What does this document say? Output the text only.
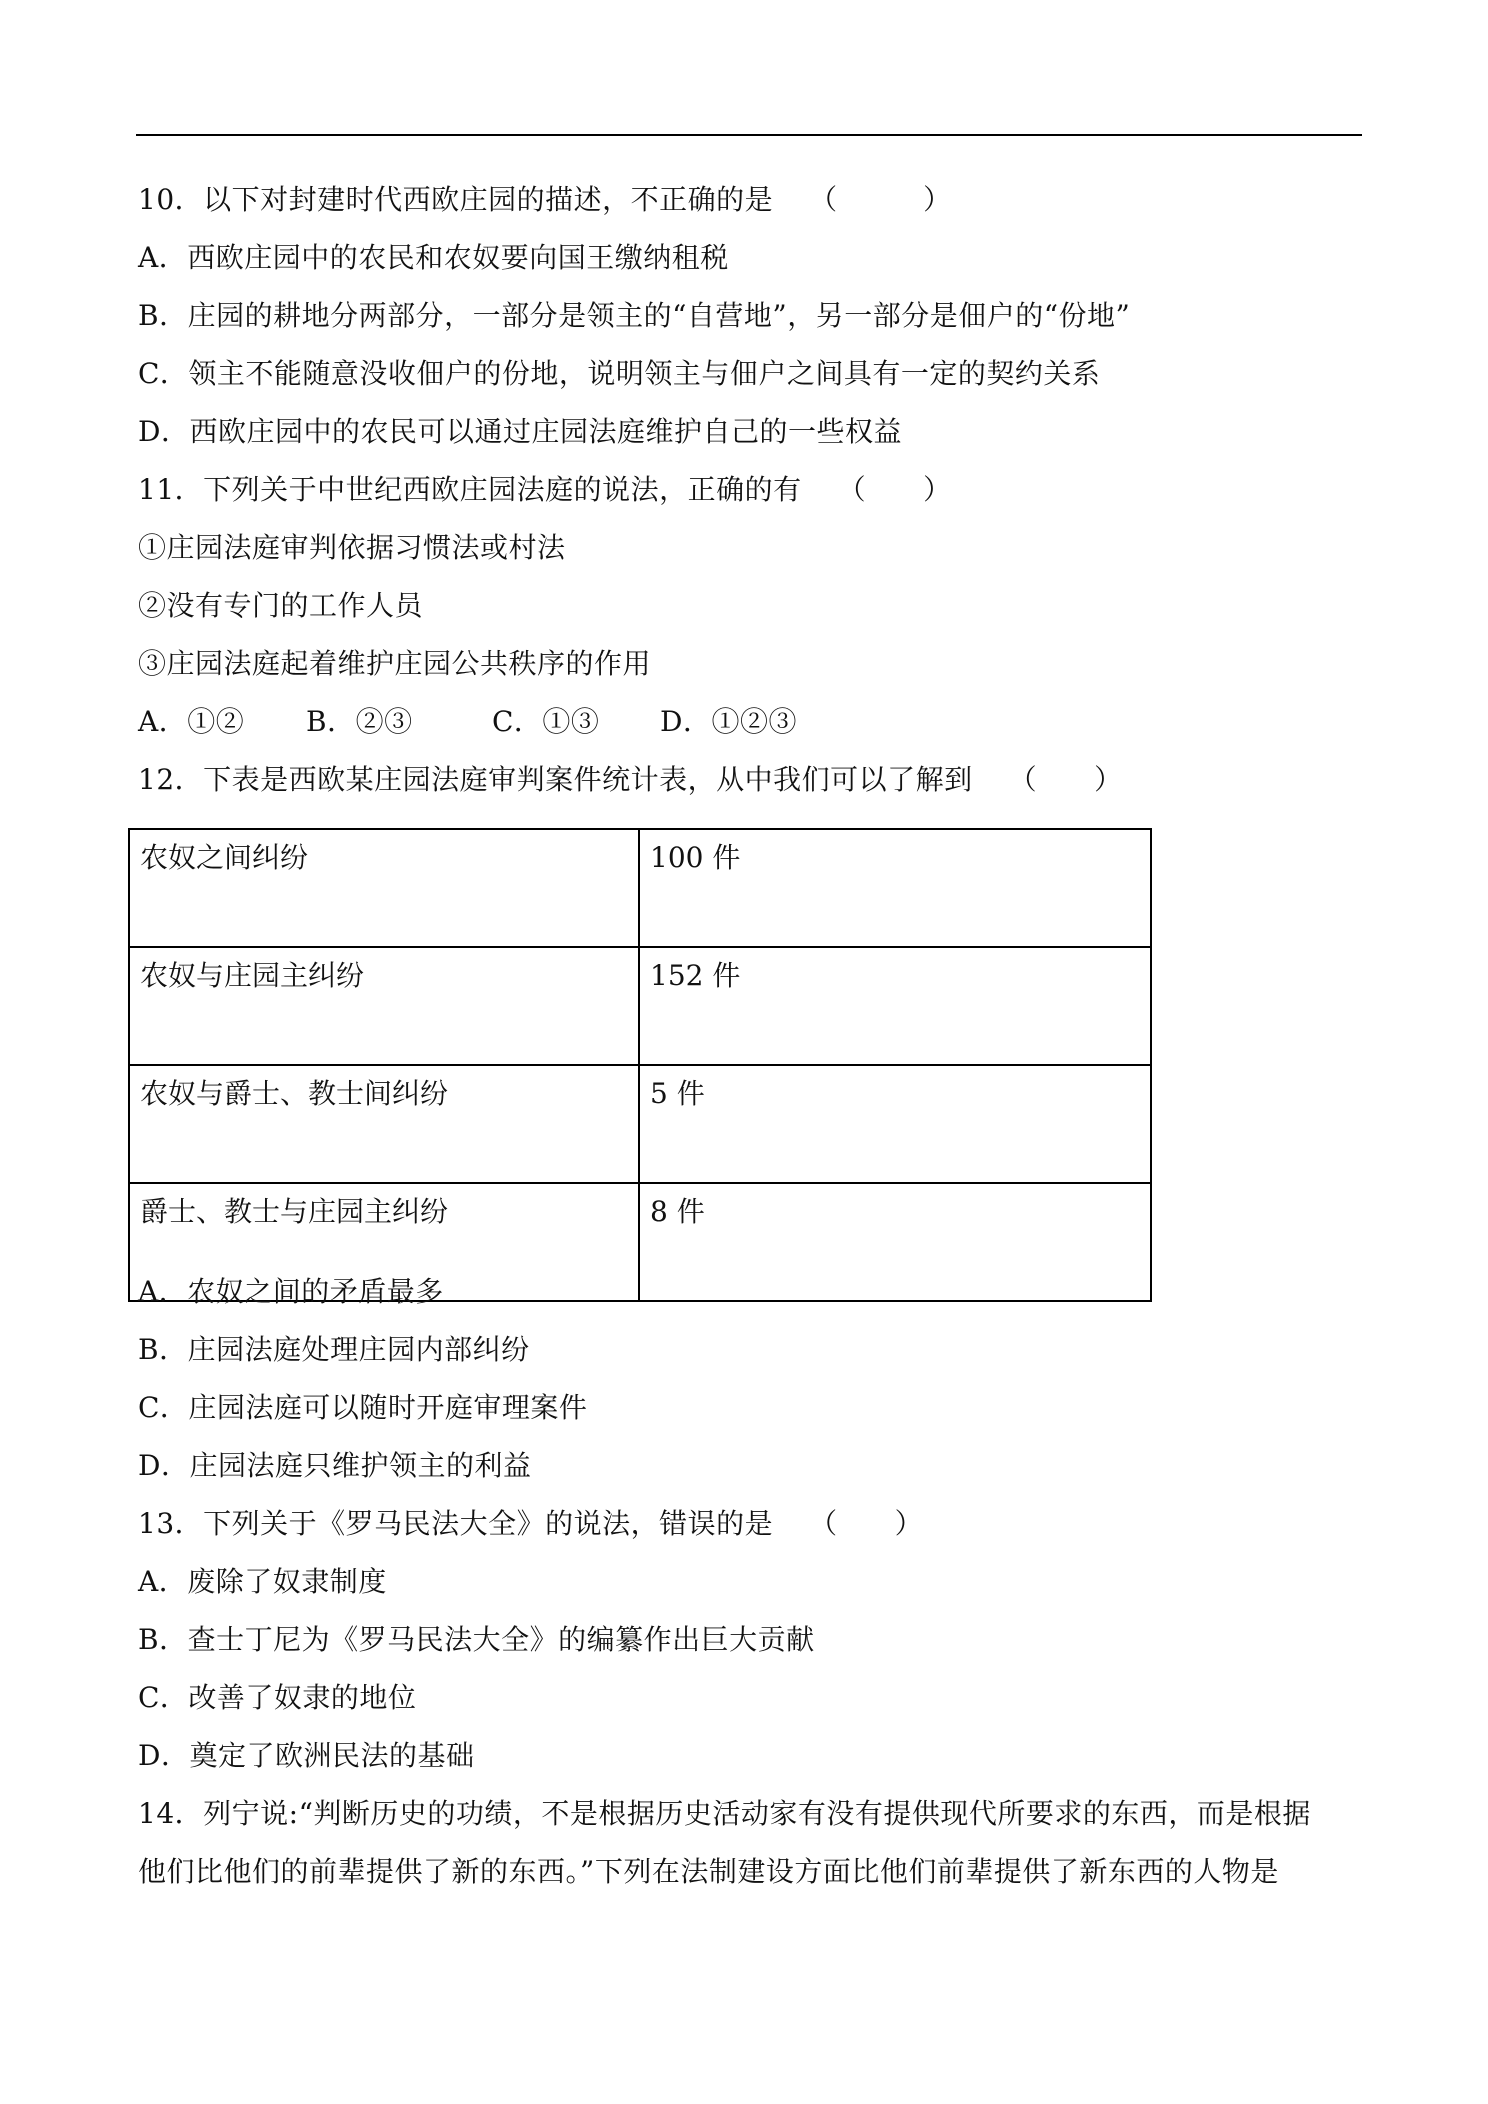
10．以下对封建时代西欧庄园的描述，不正确的是 （　　　）
A．西欧庄园中的农民和农奴要向国王缴纳租税
B．庄园的耕地分两部分，一部分是领主的“自营地”，另一部分是佃户的“份地”
C．领主不能随意没收佃户的份地，说明领主与佃户之间具有一定的契约关系
D．西欧庄园中的农民可以通过庄园法庭维护自己的一些权益
11．下列关于中世纪西欧庄园法庭的说法，正确的有 （　　）
①庄园法庭审判依据习惯法或村法
②没有专门的工作人员
③庄园法庭起着维护庄园公共秩序的作用
A．①② B．②③	C．①③ D．①②③
12．下表是西欧某庄园法庭审判案件统计表，从中我们可以了解到 （　　）
农奴之间纠纷	100 件
农奴与庄园主纠纷	152 件
农奴与爵士、教士间纠纷	5 件
爵士、教士与庄园主纠纷	8 件
A．农奴之间的矛盾最多
B．庄园法庭处理庄园内部纠纷
C．庄园法庭可以随时开庭审理案件
D．庄园法庭只维护领主的利益
13．下列关于《罗马民法大全》的说法，错误的是 （　　）
A．废除了奴隶制度
B．查士丁尼为《罗马民法大全》的编纂作出巨大贡献
C．改善了奴隶的地位
D．奠定了欧洲民法的基础
14．列宁说:“判断历史的功绩，不是根据历史活动家有没有提供现代所要求的东西，而是根据
他们比他们的前辈提供了新的东西。”下列在法制建设方面比他们前辈提供了新东西的人物是
